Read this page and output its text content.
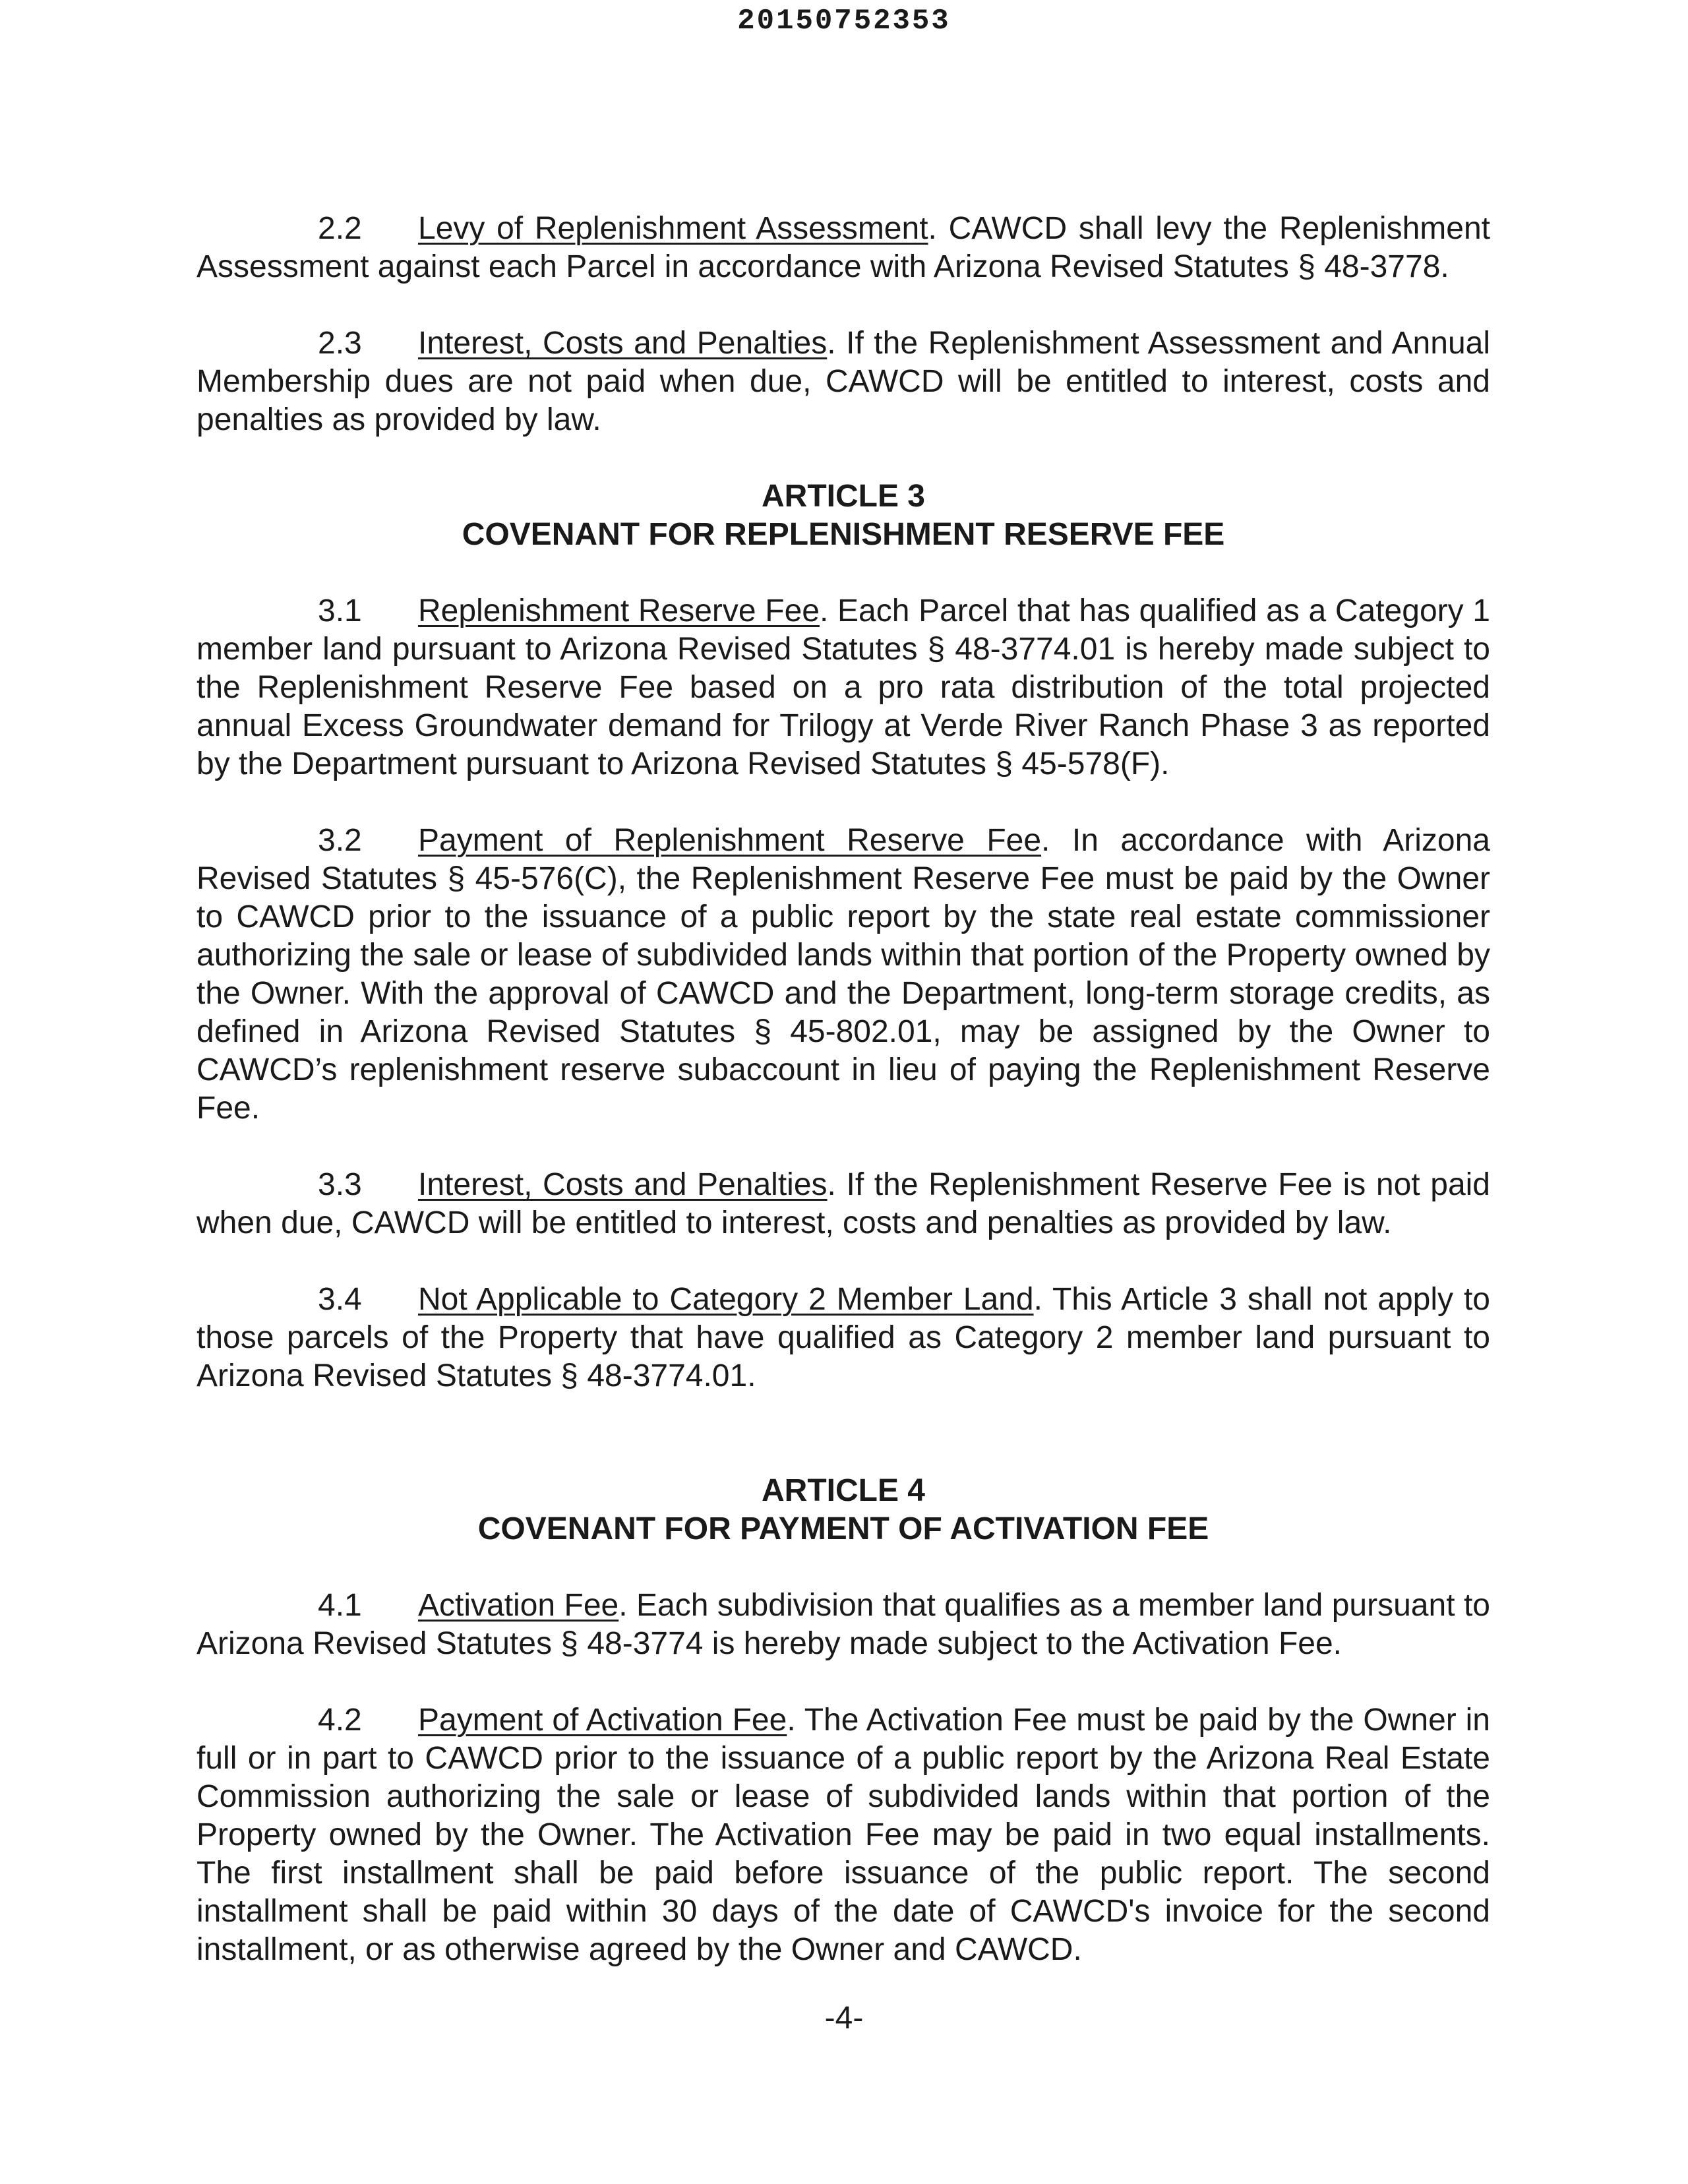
20150752353

2.2 Levy of Replenishment Assessment. CAWCD shall levy the Replenishment Assessment against each Parcel in accordance with Arizona Revised Statutes § 48-3778.

2.3 Interest, Costs and Penalties. If the Replenishment Assessment and Annual Membership dues are not paid when due, CAWCD will be entitled to interest, costs and penalties as provided by law.

ARTICLE 3
COVENANT FOR REPLENISHMENT RESERVE FEE

3.1 Replenishment Reserve Fee. Each Parcel that has qualified as a Category 1 member land pursuant to Arizona Revised Statutes § 48-3774.01 is hereby made subject to the Replenishment Reserve Fee based on a pro rata distribution of the total projected annual Excess Groundwater demand for Trilogy at Verde River Ranch Phase 3 as reported by the Department pursuant to Arizona Revised Statutes § 45-578(F).

3.2 Payment of Replenishment Reserve Fee. In accordance with Arizona Revised Statutes § 45-576(C), the Replenishment Reserve Fee must be paid by the Owner to CAWCD prior to the issuance of a public report by the state real estate commissioner authorizing the sale or lease of subdivided lands within that portion of the Property owned by the Owner. With the approval of CAWCD and the Department, long-term storage credits, as defined in Arizona Revised Statutes § 45-802.01, may be assigned by the Owner to CAWCD’s replenishment reserve subaccount in lieu of paying the Replenishment Reserve Fee.

3.3 Interest, Costs and Penalties. If the Replenishment Reserve Fee is not paid when due, CAWCD will be entitled to interest, costs and penalties as provided by law.

3.4 Not Applicable to Category 2 Member Land. This Article 3 shall not apply to those parcels of the Property that have qualified as Category 2 member land pursuant to Arizona Revised Statutes § 48-3774.01.

ARTICLE 4
COVENANT FOR PAYMENT OF ACTIVATION FEE

4.1 Activation Fee. Each subdivision that qualifies as a member land pursuant to Arizona Revised Statutes § 48-3774 is hereby made subject to the Activation Fee.

4.2 Payment of Activation Fee. The Activation Fee must be paid by the Owner in full or in part to CAWCD prior to the issuance of a public report by the Arizona Real Estate Commission authorizing the sale or lease of subdivided lands within that portion of the Property owned by the Owner. The Activation Fee may be paid in two equal installments. The first installment shall be paid before issuance of the public report. The second installment shall be paid within 30 days of the date of CAWCD's invoice for the second installment, or as otherwise agreed by the Owner and CAWCD.

-4-
